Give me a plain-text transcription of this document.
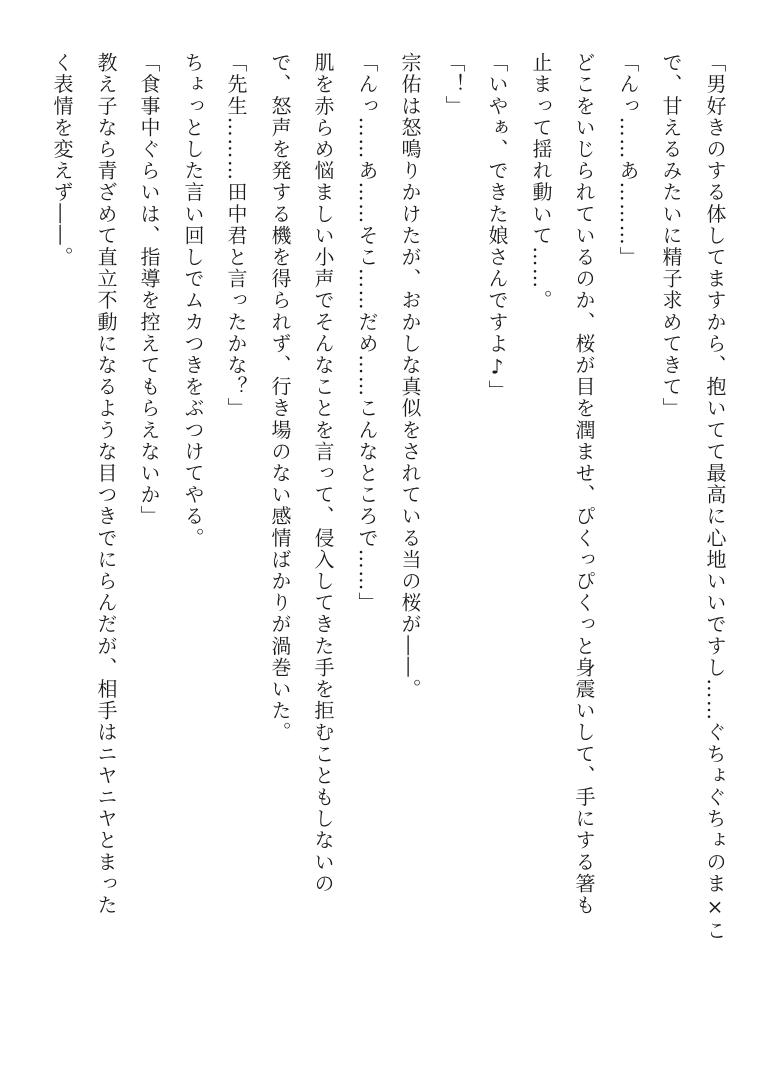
「男好きのする体してますから、抱いてて最高に心地いいですし……ぐちょぐちょのま×こ
で、甘えるみたいに精子求めてきて」
「んっ……あ………」
どこをいじられているのか、桜が目を潤ませ、ぴくっぴくっと身震いして、手にする箸も
止まって揺れ動いて……。
「いやぁ、できた娘さんですよ♪」
「！」
宗佑は怒鳴りかけたが、おかしな真似をされている当の桜が――。
「んっ……あ……そこ……だめ……こんなところで……」
肌を赤らめ悩ましい小声でそんなことを言って、侵入してきた手を拒むこともしないの
で、怒声を発する機を得られず、行き場のない感情ばかりが渦巻いた。
「先生………田中君と言ったかな？」
ちょっとした言い回しでムカつきをぶつけてやる。
「食事中ぐらいは、指導を控えてもらえないか」
教え子なら青ざめて直立不動になるような目つきでにらんだが、相手はニヤニヤとまった
く表情を変えず――。
